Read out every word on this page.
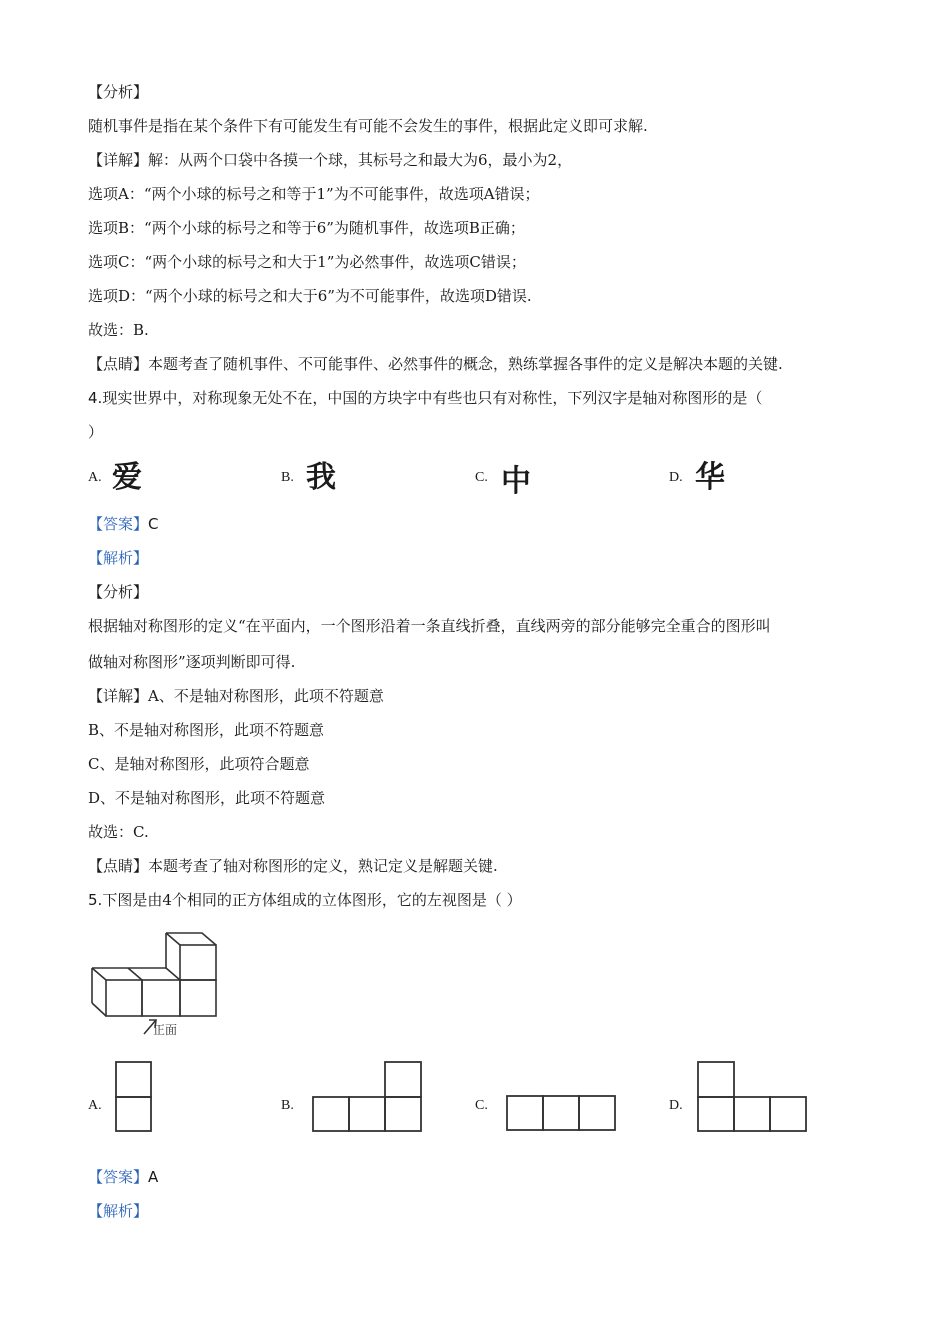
【分析】
随机事件是指在某个条件下有可能发生有可能不会发生的事件，根据此定义即可求解.
【详解】解：从两个口袋中各摸一个球，其标号之和最大为6，最小为2，
选项A：“两个小球的标号之和等于1”为不可能事件，故选项A错误；
选项B：“两个小球的标号之和等于6”为随机事件，故选项B正确；
选项C：“两个小球的标号之和大于1”为必然事件，故选项C错误；
选项D：“两个小球的标号之和大于6”为不可能事件，故选项D错误.
故选：B.
【点睛】本题考查了随机事件、不可能事件、必然事件的概念，熟练掌握各事件的定义是解决本题的关键.
4.现实世界中，对称现象无处不在，中国的方块字中有些也只有对称性，下列汉字是轴对称图形的是（
）
A. 爱	B. 我	C. 中	D. 华
【答案】C
【解析】
【分析】
根据轴对称图形的定义“在平面内，一个图形沿着一条直线折叠，直线两旁的部分能够完全重合的图形叫
做轴对称图形”逐项判断即可得.
【详解】A、不是轴对称图形，此项不符题意
B、不是轴对称图形，此项不符题意
C、是轴对称图形，此项符合题意
D、不是轴对称图形，此项不符题意
故选：C.
【点睛】本题考查了轴对称图形的定义，熟记定义是解题关键.
5.下图是由4个相同的正方体组成的立体图形，它的左视图是（ ）
正面
A.	B.	C.	D.
【答案】A
【解析】
